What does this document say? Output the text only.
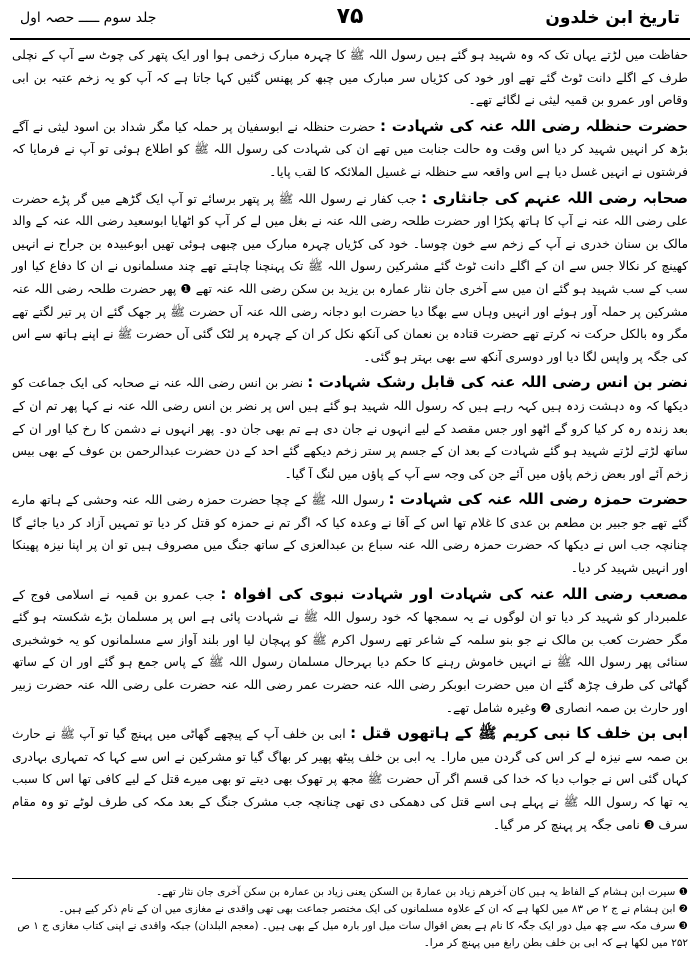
تاریخ ابن خلدون
۷۵
جلد سوم ـــــ حصہ اول

حفاظت میں لڑتے یہاں تک کہ وہ شہید ہو گئے ہیں رسول اللہ ﷺ کا چہرہ مبارک زخمی ہوا اور ایک پتھر کی چوٹ سے آپ کے نچلی طرف کے اگلے دانت ٹوٹ گئے تھے اور خود کی کڑیاں سر مبارک میں چبھ کر پھنس گئیں کہا جاتا ہے کہ آپ کو یہ زخم عتبہ بن ابی وقاص اور عمرو بن قمیہ لیثی نے لگائے تھے۔

حضرت حنظلہ رضی اللہ عنہ کی شہادت : حضرت حنظلہ نے ابوسفیان پر حملہ کیا مگر شداد بن اسود لیثی نے آگے بڑھ کر انہیں شہید کر دیا اس وقت وہ حالت جنابت میں تھے ان کی شہادت کی رسول اللہ ﷺ کو اطلاع ہوئی تو آپ نے فرمایا کہ فرشتوں نے انہیں غسل دیا ہے اس واقعہ سے حنظلہ نے غسیل الملائکہ کا لقب پایا۔

صحابہ رضی اللہ عنہم کی جانثاری : جب کفار نے رسول اللہ ﷺ پر پتھر برسائے تو آپ ایک گڑھے میں گر پڑے حضرت علی رضی اللہ عنہ نے آپ کا ہاتھ پکڑا اور حضرت طلحہ رضی اللہ عنہ نے بغل میں لے کر آپ کو اٹھایا ابوسعید رضی اللہ عنہ کے والد مالک بن سنان خدری نے آپ کے زخم سے خون چوسا۔ خود کی کڑیاں چہرہ مبارک میں چبھی ہوئی تھیں ابوعبیدہ بن جراح نے انہیں کھینچ کر نکالا جس سے ان کے اگلے دانت ٹوٹ گئے مشرکین رسول اللہ ﷺ تک پہنچنا چاہتے تھے چند مسلمانوں نے ان کا دفاع کیا اور سب کے سب شہید ہو گئے ان میں سے آخری جان نثار عمارہ بن یزید بن سکن رضی اللہ عنہ تھے ❶ پھر حضرت طلحہ رضی اللہ عنہ مشرکین پر حملہ آور ہوئے اور انہیں وہاں سے بھگا دیا حضرت ابو دجانہ رضی اللہ عنہ آں حضرت ﷺ پر جھک گئے ان پر تیر لگتے تھے مگر وہ بالکل حرکت نہ کرتے تھے حضرت قتادہ بن نعمان کی آنکھ نکل کر ان کے چہرہ پر لٹک گئی آں حضرت ﷺ نے اپنے ہاتھ سے اس کی جگہ پر واپس لگا دیا اور دوسری آنکھ سے بھی بہتر ہو گئی۔

نضر بن انس رضی اللہ عنہ کی قابل رشک شہادت : نضر بن انس رضی اللہ عنہ نے صحابہ کی ایک جماعت کو دیکھا کہ وہ دہشت زدہ ہیں کہہ رہے ہیں کہ رسول اللہ شہید ہو گئے ہیں اس پر نضر بن انس رضی اللہ عنہ نے کہا پھر تم ان کے بعد زندہ رہ کر کیا کرو گے اٹھو اور جس مقصد کے لیے انہوں نے جان دی ہے تم بھی جان دو۔ پھر انہوں نے دشمن کا رخ کیا اور ان کے ساتھ لڑتے لڑتے شہید ہو گئے شہادت کے بعد ان کے جسم پر ستر زخم دیکھے گئے احد کے دن حضرت عبدالرحمن بن عوف کے بھی بیس زخم آئے اور بعض زخم پاؤں میں آئے جن کی وجہ سے آپ کے پاؤں میں لنگ آ گیا۔

حضرت حمزہ رضی اللہ عنہ کی شہادت : رسول اللہ ﷺ کے چچا حضرت حمزہ رضی اللہ عنہ وحشی کے ہاتھ مارے گئے تھے جو جبیر بن مطعم بن عدی کا غلام تھا اس کے آقا نے وعدہ کیا کہ اگر تم نے حمزہ کو قتل کر دیا تو تمہیں آزاد کر دیا جائے گا چنانچہ جب اس نے دیکھا کہ حضرت حمزہ رضی اللہ عنہ سباع بن عبدالعزی کے ساتھ جنگ میں مصروف ہیں تو ان پر اپنا نیزہ پھینکا اور انہیں شہید کر دیا۔

مصعب رضی اللہ عنہ کی شہادت اور شہادت نبوی کی افواہ : جب عمرو بن قمیہ نے اسلامی فوج کے علمبردار کو شہید کر دیا تو ان لوگوں نے یہ سمجھا کہ خود رسول اللہ ﷺ نے شہادت پائی ہے اس پر مسلمان بڑے شکستہ ہو گئے مگر حضرت کعب بن مالک نے جو بنو سلمہ کے شاعر تھے رسول اکرم ﷺ کو پہچان لیا اور بلند آواز سے مسلمانوں کو یہ خوشخبری سنائی پھر رسول اللہ ﷺ نے انہیں خاموش رہنے کا حکم دیا بہرحال مسلمان رسول اللہ ﷺ کے پاس جمع ہو گئے اور ان کے ساتھ گھاٹی کی طرف چڑھ گئے ان میں حضرت ابوبکر رضی اللہ عنہ حضرت عمر رضی اللہ عنہ حضرت علی رضی اللہ عنہ حضرت زبیر اور حارث بن صمہ انصاری ❷ وغیرہ شامل تھے۔

ابی بن خلف کا نبی کریم ﷺ کے ہاتھوں قتل : ابی بن خلف آپ کے پیچھے گھاٹی میں پہنچ گیا تو آپ ﷺ نے حارث بن صمہ سے نیزہ لے کر اس کی گردن میں مارا۔ یہ ابی بن خلف پیٹھ پھیر کر بھاگ گیا تو مشرکین نے اس سے کہا کہ تمہاری بہادری کہاں گئی اس نے جواب دیا کہ خدا کی قسم اگر آں حضرت ﷺ مجھ پر تھوک بھی دیتے تو بھی میرے قتل کے لیے کافی تھا اس کا سبب یہ تھا کہ رسول اللہ ﷺ نے پہلے ہی اسے قتل کی دھمکی دی تھی چنانچہ جب مشرک جنگ کے بعد مکہ کی طرف لوٹے تو وہ مقام سرف ❸ نامی جگہ پر پہنچ کر مر گیا۔

❶ سیرت ابن ہشام کے الفاظ یہ ہیں کان آخرھم زیاد بن عمارۃ بن السکن یعنی زیاد بن عمارہ بن سکن آخری جان نثار تھے۔

❷ ابن ہشام نے ج ۲ ص ۸۳ میں لکھا ہے کہ ان کے علاوہ مسلمانوں کی ایک مختصر جماعت بھی تھی واقدی نے مغازی میں ان کے نام ذکر کیے ہیں۔

❸ سرف مکہ سے چھ میل دور ایک جگہ کا نام ہے بعض اقوال سات میل اور بارہ میل کے بھی ہیں۔ (معجم البلدان) جبکہ واقدی نے اپنی کتاب مغازی ج ۱ ص ۲۵۲ میں لکھا ہے کہ ابی بن خلف بطن رابغ میں پہنچ کر مرا۔
